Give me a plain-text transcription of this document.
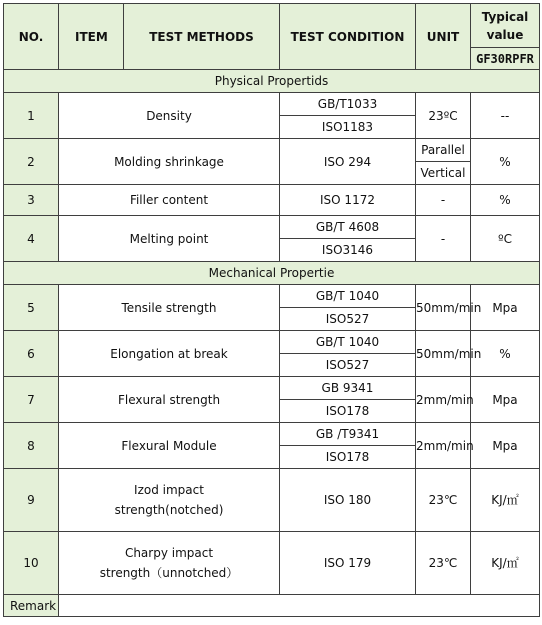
NO.	ITEM	TEST METHODS	TEST CONDITION	UNIT	Typical value	
					GF30RPFR	
Physical Propertids						
1	Density		GB/T1033	23ºC	--	
			ISO1183			
2	Molding shrinkage		ISO 294	Parallel	%	
				Vertical	
3	Filler content		ISO 1172	-	%	
4	Melting point		GB/T 4608	-	ºC	
			ISO3146			
Mechanical Propertie						
5	Tensile strength		GB/T 1040	50mm/min	Mpa	
			ISO527			
6	Elongation at break		GB/T 1040	50mm/min	%	
			ISO527			
7	Flexural strength		GB 9341	2mm/min	Mpa	
			ISO178			
8	Flexural Module		GB /T9341	2mm/min	Mpa	
			ISO178			
9	Izod impact
strength(notched)		ISO 180	23℃	KJ/㎡	
10	Charpy impact
strength（unnotched）		ISO 179	23℃	KJ/㎡	
Remark						
